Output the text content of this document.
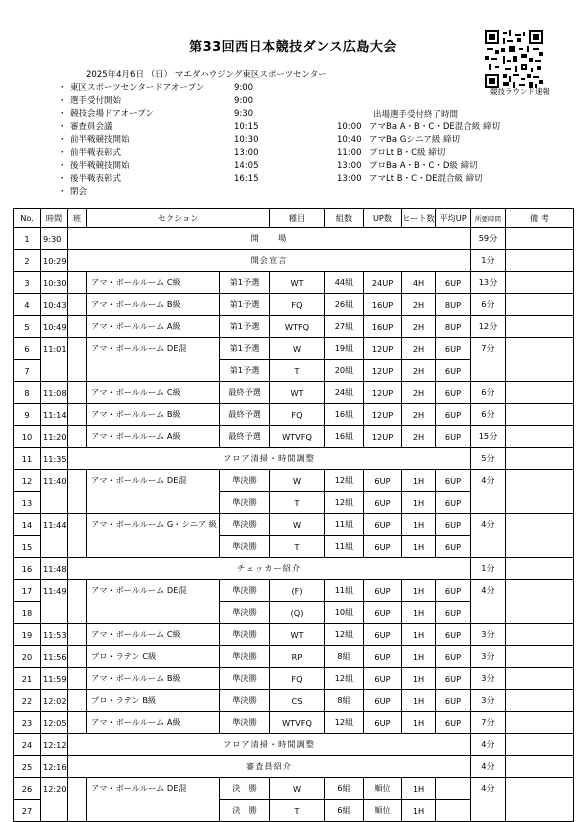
第33回西日本競技ダンス広島大会
競技ラウンド速報
2025年4月6日 （日） マエダハウジング東区スポーツセンター
・ 東区スポーツセンタードアオープン	9:00
・ 選手受付開始	9:00
・ 競技会場ドアオープン	9:30
・ 審査員会議	10:15
・ 前半戦競技開始	10:30
・ 前半戦表彰式	13:00
・ 後半戦競技開始	14:05
・ 後半戦表彰式	16:15
・ 閉会
出場選手受付終了時間
10:00 アマBa A・B・C・DE混合級 締切
10:40 アマBa Gシニア級 締切
11:00 プロLt B・C級 締切
13:00 プロBa A・B・C・D級 締切
13:00 アマLt B・C・DE混合級 締切
No.	時間	班	セクション		種目	組数	UP数	ヒート数	平均UP	所要時間	備 考
1	9:30	開　　場								59分	
2	10:29	開会宣言								1分	
3	10:30		アマ・ボールルーム C級	第1予選	WT	44組	24UP	4H	6UP	13分	
4	10:43		アマ・ボールルーム B級	第1予選	FQ	26組	16UP	2H	8UP	6分	
5	10:49		アマ・ボールルーム A級	第1予選	WTFQ	27組	16UP	2H	8UP	12分	
6	11:01		アマ・ボールルーム DE混	第1予選	W	19組	12UP	2H	6UP	7分	
7				第1予選	T	20組	12UP	2H	6UP		
8	11:08		アマ・ボールルーム C級	最終予選	WT	24組	12UP	2H	6UP	6分	
9	11:14		アマ・ボールルーム B級	最終予選	FQ	16組	12UP	2H	6UP	6分	
10	11:20		アマ・ボールルーム A級	最終予選	WTVFQ	16組	12UP	2H	6UP	15分	
11	11:35	フロア清掃・時間調整								5分	
12	11:40		アマ・ボールルーム DE混	準決勝	W	12組	6UP	1H	6UP	4分	
13				準決勝	T	12組	6UP	1H	6UP		
14	11:44		アマ・ボールルーム G・シニア 級	準決勝	W	11組	6UP	1H	6UP	4分	
15				準決勝	T	11組	6UP	1H	6UP		
16	11:48	チェッカー紹介								1分	
17	11:49		アマ・ボールルーム DE混	準決勝	(F)	11組	6UP	1H	6UP	4分	
18				準決勝	(Q)	10組	6UP	1H	6UP		
19	11:53		アマ・ボールルーム C級	準決勝	WT	12組	6UP	1H	6UP	3分	
20	11:56		プロ・ラテン C級	準決勝	RP	8組	6UP	1H	6UP	3分	
21	11:59		アマ・ボールルーム B級	準決勝	FQ	12組	6UP	1H	6UP	3分	
22	12:02		プロ・ラテン B級	準決勝	CS	8組	6UP	1H	6UP	3分	
23	12:05		アマ・ボールルーム A級	準決勝	WTVFQ	12組	6UP	1H	6UP	7分	
24	12:12	フロア清掃・時間調整								4分	
25	12:16	審査員紹介								4分	
26	12:20		アマ・ボールルーム DE混	決　勝	W	6組	順位	1H		4分	
27				決　勝	T	6組	順位	1H			
